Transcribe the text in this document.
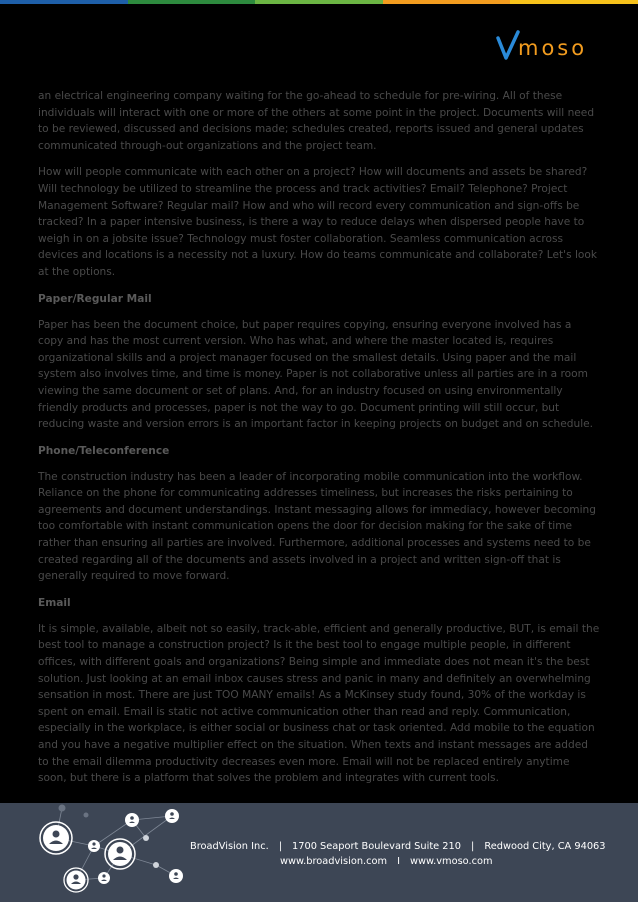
moso

an electrical engineering company waiting for the go-ahead to schedule for pre-wiring. All of these individuals will interact with one or more of the others at some point in the project. Documents will need to be reviewed, discussed and decisions made; schedules created, reports issued and general updates communicated through-out organizations and the project team.

How will people communicate with each other on a project? How will documents and assets be shared? Will technology be utilized to streamline the process and track activities? Email? Telephone? Project Management Software? Regular mail? How and who will record every communication and sign-offs be tracked? In a paper intensive business, is there a way to reduce delays when dispersed people have to weigh in on a jobsite issue? Technology must foster collaboration. Seamless communication across devices and locations is a necessity not a luxury. How do teams communicate and collaborate? Let's look at the options.

Paper/Regular Mail

Paper has been the document choice, but paper requires copying, ensuring everyone involved has a copy and has the most current version. Who has what, and where the master located is, requires organizational skills and a project manager focused on the smallest details. Using paper and the mail system also involves time, and time is money. Paper is not collaborative unless all parties are in a room viewing the same document or set of plans. And, for an industry focused on using environmentally friendly products and processes, paper is not the way to go. Document printing will still occur, but reducing waste and version errors is an important factor in keeping projects on budget and on schedule.

Phone/Teleconference

The construction industry has been a leader of incorporating mobile communication into the workflow. Reliance on the phone for communicating addresses timeliness, but increases the risks pertaining to agreements and document understandings. Instant messaging allows for immediacy, however becoming too comfortable with instant communication opens the door for decision making for the sake of time rather than ensuring all parties are involved. Furthermore, additional processes and systems need to be created regarding all of the documents and assets involved in a project and written sign-off that is generally required to move forward.

Email

It is simple, available, albeit not so easily, track-able, efficient and generally productive, BUT, is email the best tool to manage a construction project? Is it the best tool to engage multiple people, in different offices, with different goals and organizations? Being simple and immediate does not mean it's the best solution. Just looking at an email inbox causes stress and panic in many and definitely an overwhelming sensation in most. There are just TOO MANY emails! As a McKinsey study found, 30% of the workday is spent on email. Email is static not active communication other than read and reply. Communication, especially in the workplace, is either social or business chat or task oriented. Add mobile to the equation and you have a negative multiplier effect on the situation. When texts and instant messages are added to the email dilemma productivity decreases even more. Email will not be replaced entirely anytime soon, but there is a platform that solves the problem and integrates with current tools.

BroadVision Inc. | 1700 Seaport Boulevard Suite 210 | Redwood City, CA 94063
www.broadvision.com I www.vmoso.com
